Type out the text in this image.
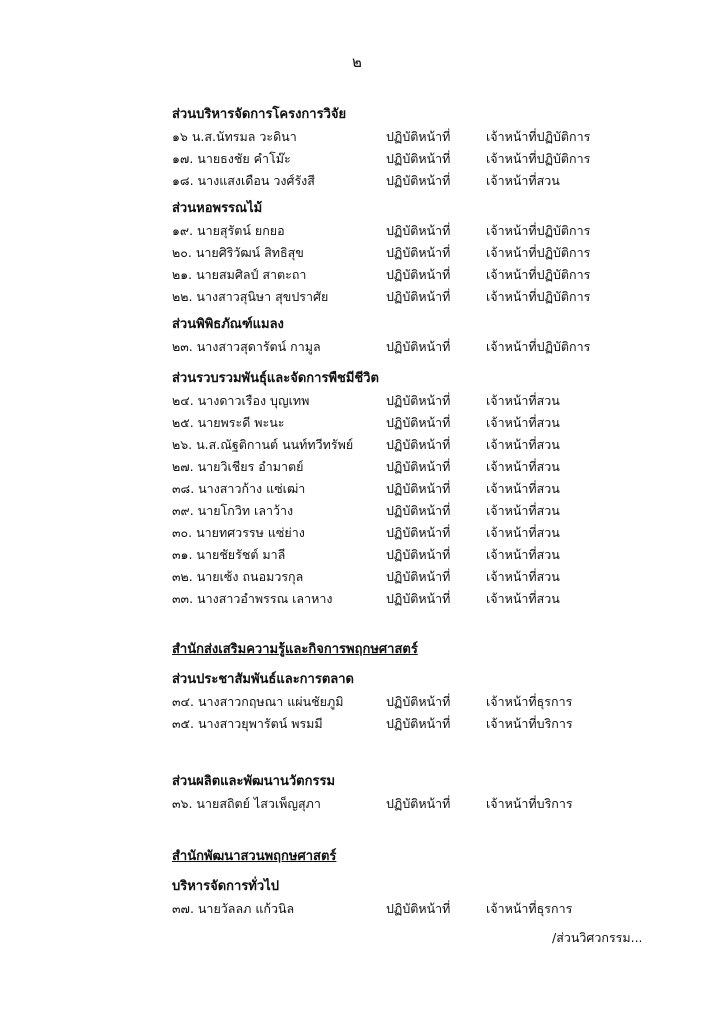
๒
ส่วนบริหารจัดการโครงการวิจัย
๑๖ น.ส.นัทรมล วะดินา	ปฏิบัติหน้าที่	เจ้าหน้าที่ปฏิบัติการ
๑๗. นายธงชัย คำโม๊ะ	ปฏิบัติหน้าที่	เจ้าหน้าที่ปฏิบัติการ
๑๘. นางแสงเดือน วงศ์รังสี	ปฏิบัติหน้าที่	เจ้าหน้าที่สวน
ส่วนหอพรรณไม้
๑๙. นายสุรัตน์ ยกยอ	ปฏิบัติหน้าที่	เจ้าหน้าที่ปฏิบัติการ
๒๐. นายศิริวัฒน์ สิทธิสุข	ปฏิบัติหน้าที่	เจ้าหน้าที่ปฏิบัติการ
๒๑. นายสมศิลป์ สาตะถา	ปฏิบัติหน้าที่	เจ้าหน้าที่ปฏิบัติการ
๒๒. นางสาวสุนิษา สุขปราศัย	ปฏิบัติหน้าที่	เจ้าหน้าที่ปฏิบัติการ
ส่วนพิพิธภัณฑ์แมลง
๒๓. นางสาวสุดารัตน์ กามูล	ปฏิบัติหน้าที่	เจ้าหน้าที่ปฏิบัติการ
ส่วนรวบรวมพันธุ์และจัดการพืชมีชีวิต
๒๔. นางดาวเรือง บุญเทพ	ปฏิบัติหน้าที่	เจ้าหน้าที่สวน
๒๕. นายพระดี พะนะ	ปฏิบัติหน้าที่	เจ้าหน้าที่สวน
๒๖. น.ส.ณัฐติกานต์ นนท์ทวีทรัพย์	ปฏิบัติหน้าที่	เจ้าหน้าที่สวน
๒๗. นายวิเชียร อำมาตย์	ปฏิบัติหน้าที่	เจ้าหน้าที่สวน
๓๘. นางสาวก้าง แซ่เฒ่า	ปฏิบัติหน้าที่	เจ้าหน้าที่สวน
๓๙. นายโกวิท เลาว้าง	ปฏิบัติหน้าที่	เจ้าหน้าที่สวน
๓๐. นายทศวรรษ แซ่ย่าง	ปฏิบัติหน้าที่	เจ้าหน้าที่สวน
๓๑. นายชัยรัชต์ มาลี	ปฏิบัติหน้าที่	เจ้าหน้าที่สวน
๓๒. นายเซ้ง ถนอมวรกุล	ปฏิบัติหน้าที่	เจ้าหน้าที่สวน
๓๓. นางสาวอำพรรณ เลาหาง	ปฏิบัติหน้าที่	เจ้าหน้าที่สวน
สำนักส่งเสริมความรู้และกิจการพฤกษศาสตร์
ส่วนประชาสัมพันธ์และการตลาด
๓๔. นางสาวกฤษณา แผ่นชัยภูมิ	ปฏิบัติหน้าที่	เจ้าหน้าที่ธุรการ
๓๕. นางสาวยุพารัตน์ พรมมี	ปฏิบัติหน้าที่	เจ้าหน้าที่บริการ
ส่วนผลิตและพัฒนานวัตกรรม
๓๖. นายสถิตย์ ไสวเพ็ญสุภา	ปฏิบัติหน้าที่	เจ้าหน้าที่บริการ
สำนักพัฒนาสวนพฤกษศาสตร์
บริหารจัดการทั่วไป
๓๗. นายวัลลภ แก้วนิล	ปฏิบัติหน้าที่	เจ้าหน้าที่ธุรการ
/ส่วนวิศวกรรม...
